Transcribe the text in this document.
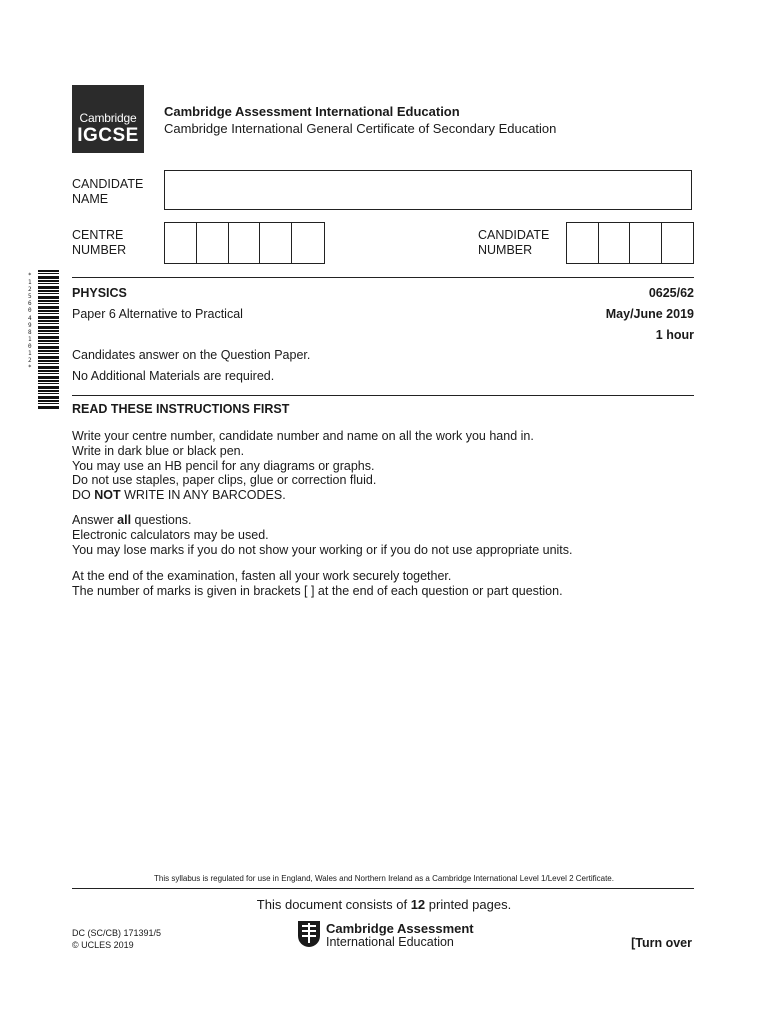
Cambridge
IGCSE
Cambridge Assessment International Education
Cambridge International General Certificate of Secondary Education
CANDIDATE
NAME
CENTRE
NUMBER
CANDIDATE
NUMBER
* 1 2 5 6 0 4 9 8 1 0 1 2 *
PHYSICS
Paper 6 Alternative to Practical
0625/62
May/June 2019
1 hour
Candidates answer on the Question Paper.
No Additional Materials are required.
READ THESE INSTRUCTIONS FIRST
Write your centre number, candidate number and name on all the work you hand in.
Write in dark blue or black pen.
You may use an HB pencil for any diagrams or graphs.
Do not use staples, paper clips, glue or correction fluid.
DO NOT WRITE IN ANY BARCODES.
Answer all questions.
Electronic calculators may be used.
You may lose marks if you do not show your working or if you do not use appropriate units.
At the end of the examination, fasten all your work securely together.
The number of marks is given in brackets [ ] at the end of each question or part question.
This syllabus is regulated for use in England, Wales and Northern Ireland as a Cambridge International Level 1/Level 2 Certificate.
This document consists of 12 printed pages.
DC (SC/CB) 171391/5
© UCLES 2019
Cambridge Assessment
International Education	[Turn over
